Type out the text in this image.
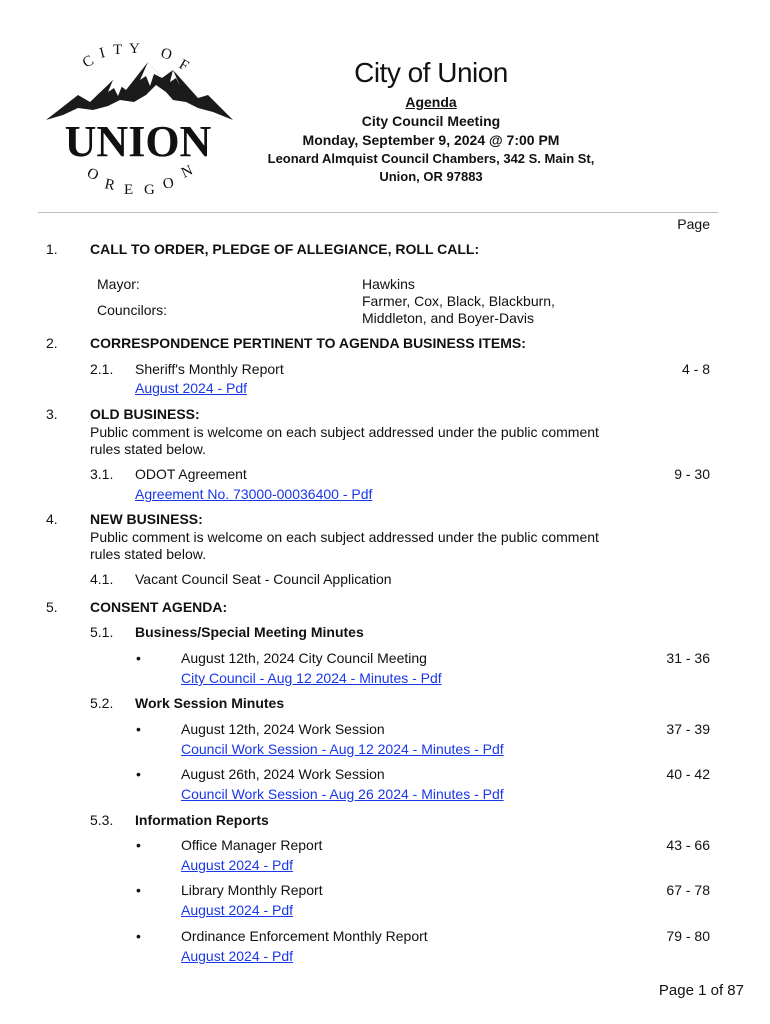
C I T Y O
F
UNION
O
R E G O
N
City of Union
Agenda
City Council Meeting
Monday, September 9, 2024 @ 7:00 PM
Leonard Almquist Council Chambers, 342 S. Main St,
Union, OR 97883
Page
1. CALL TO ORDER, PLEDGE OF ALLEGIANCE, ROLL CALL:
Mayor:	Hawkins
Councilors:
Farmer, Cox, Black, Blackburn,
Middleton, and Boyer-Davis
2. CORRESPONDENCE PERTINENT TO AGENDA BUSINESS ITEMS:
2.1. Sheriff's Monthly Report
August 2024 - Pdf
4 - 8
3. OLD BUSINESS:
Public comment is welcome on each subject addressed under the public comment
rules stated below.
3.1. ODOT Agreement
Agreement No. 73000-00036400 - Pdf
9 - 30
4. NEW BUSINESS:
Public comment is welcome on each subject addressed under the public comment
rules stated below.
4.1. Vacant Council Seat - Council Application
5. CONSENT AGENDA:
5.1. Business/Special Meeting Minutes
•	August 12th, 2024 City Council Meeting
City Council - Aug 12 2024 - Minutes - Pdf
31 - 36
5.2. Work Session Minutes
•	August 12th, 2024 Work Session
Council Work Session - Aug 12 2024 - Minutes - Pdf
37 - 39
•	August 26th, 2024 Work Session
Council Work Session - Aug 26 2024 - Minutes - Pdf
40 - 42
5.3. Information Reports
•	Office Manager Report
August 2024 - Pdf
43 - 66
•	Library Monthly Report
August 2024 - Pdf
67 - 78
•	Ordinance Enforcement Monthly Report
August 2024 - Pdf
79 - 80
Page 1 of 87
